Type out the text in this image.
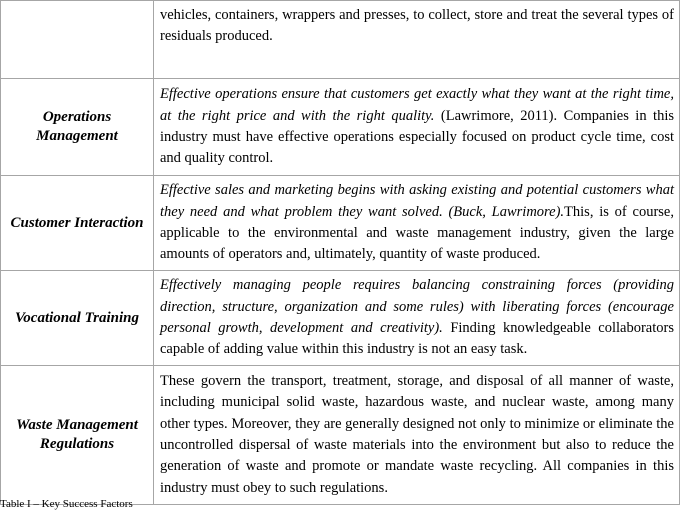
	vehicles, containers, wrappers and presses, to collect, store and treat the several types of residuals produced.

Operations Management	Effective operations ensure that customers get exactly what they want at the right time, at the right price and with the right quality. (Lawrimore, 2011). Companies in this industry must have effective operations especially focused on product cycle time, cost and quality control.

Customer Interaction	Effective sales and marketing begins with asking existing and potential customers what they need and what problem they want solved. (Buck, Lawrimore).This, is of course, applicable to the environmental and waste management industry, given the large amounts of operators and, ultimately, quantity of waste produced.

Vocational Training	Effectively managing people requires balancing constraining forces (providing direction, structure, organization and some rules) with liberating forces (encourage personal growth, development and creativity). Finding knowledgeable collaborators capable of adding value within this industry is not an easy task.

Waste Management Regulations	These govern the transport, treatment, storage, and disposal of all manner of waste, including municipal solid waste, hazardous waste, and nuclear waste, among many other types. Moreover, they are generally designed not only to minimize or eliminate the uncontrolled dispersal of waste materials into the environment but also to reduce the generation of waste and promote or mandate waste recycling. All companies in this industry must obey to such regulations.

Table I – Key Success Factors
